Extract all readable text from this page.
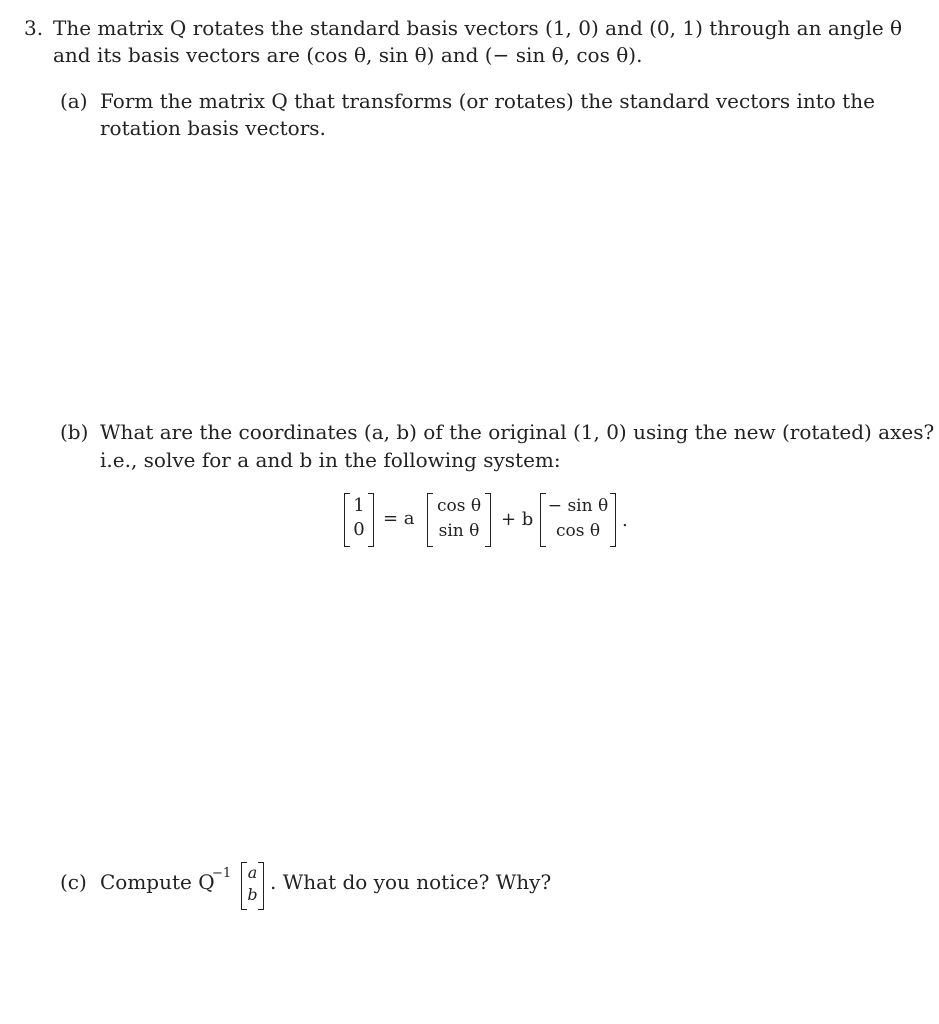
3. The matrix Q rotates the standard basis vectors (1, 0) and (0, 1) through an angle θ
and its basis vectors are (cos θ, sin θ) and (− sin θ, cos θ).
(a) Form the matrix Q that transforms (or rotates) the standard vectors into the
rotation basis vectors.
(b) What are the coordinates (a, b) of the original (1, 0) using the new (rotated) axes?
i.e., solve for a and b in the following system:
1
0
= a
cos θ
sin θ
+ b
− sin θ
cos θ	.
(c) Compute Q
−1	a
b
. What do you notice? Why?
